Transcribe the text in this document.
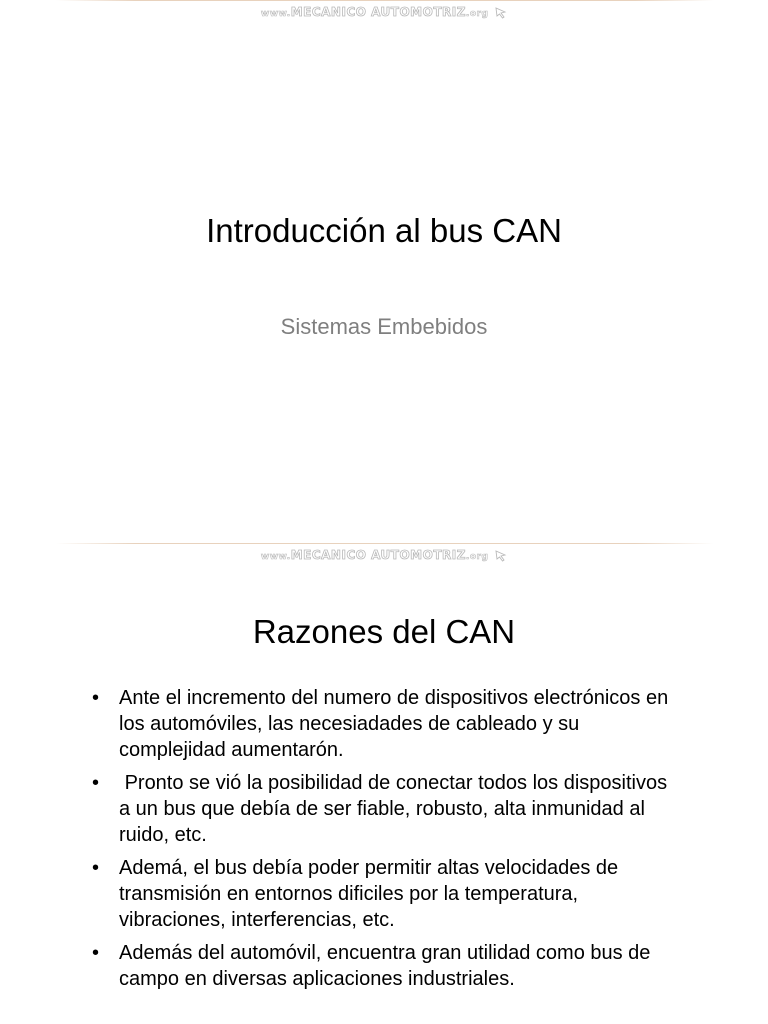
www.MECANICO AUTOMOTRIZ.org
Introducción al bus CAN
Sistemas Embebidos
www.MECANICO AUTOMOTRIZ.org
Razones del CAN
• Ante el incremento del numero de dispositivos electrónicos en los automóviles, las necesiadades de cableado y su complejidad aumentarón.
• Pronto se vió la posibilidad de conectar todos los dispositivos a un bus que debía de ser fiable, robusto, alta inmunidad al ruido, etc.
• Ademá, el bus debía poder permitir altas velocidades de transmisión en entornos dificiles por la temperatura, vibraciones, interferencias, etc.
• Además del automóvil, encuentra gran utilidad como bus de campo en diversas aplicaciones industriales.
